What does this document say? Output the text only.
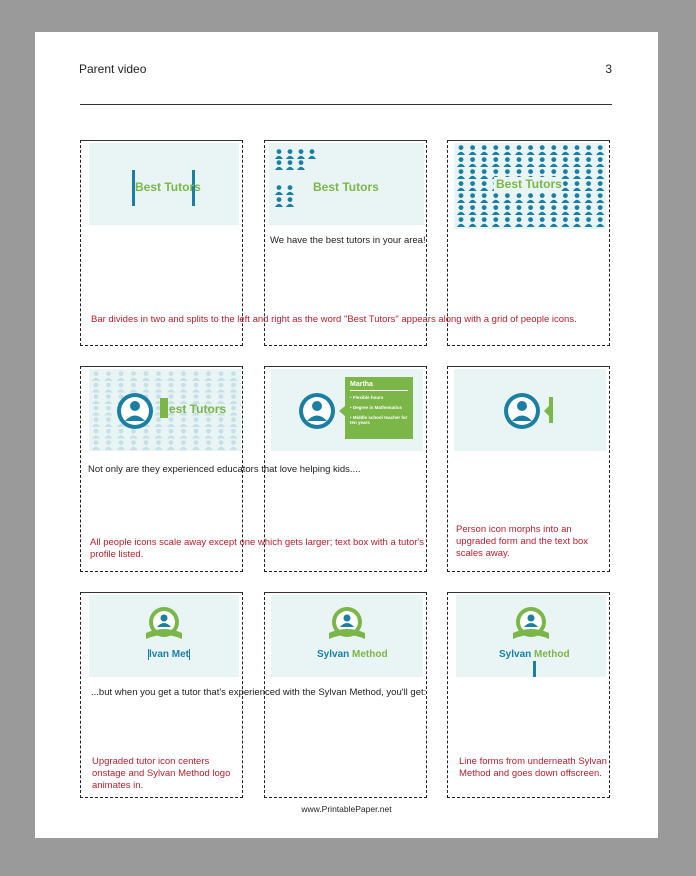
Parent video	3
Best Tutors	Best Tutors	Best Tutors
We have the best tutors in your area!
Bar divides in two and splits to the left and right as the word "Best Tutors" appears along with a grid of people icons.
est Tutors
Martha
• Flexible hours
• Degree in Mathematics
• Middle school teacher for ten years
Not only are they experienced educators that love helping kids....
All people icons scale away except one which gets larger; text box with a tutor's profile listed.
Person icon morphs into an upgraded form and the text box scales away.
lvan Met	Sylvan Method	Sylvan Method
...but when you get a tutor that's experienced with the Sylvan Method, you'll get:
Upgraded tutor icon centers onstage and Sylvan Method logo animates in.
Line forms from underneath Sylvan Method and goes down offscreen.
www.PrintablePaper.net
